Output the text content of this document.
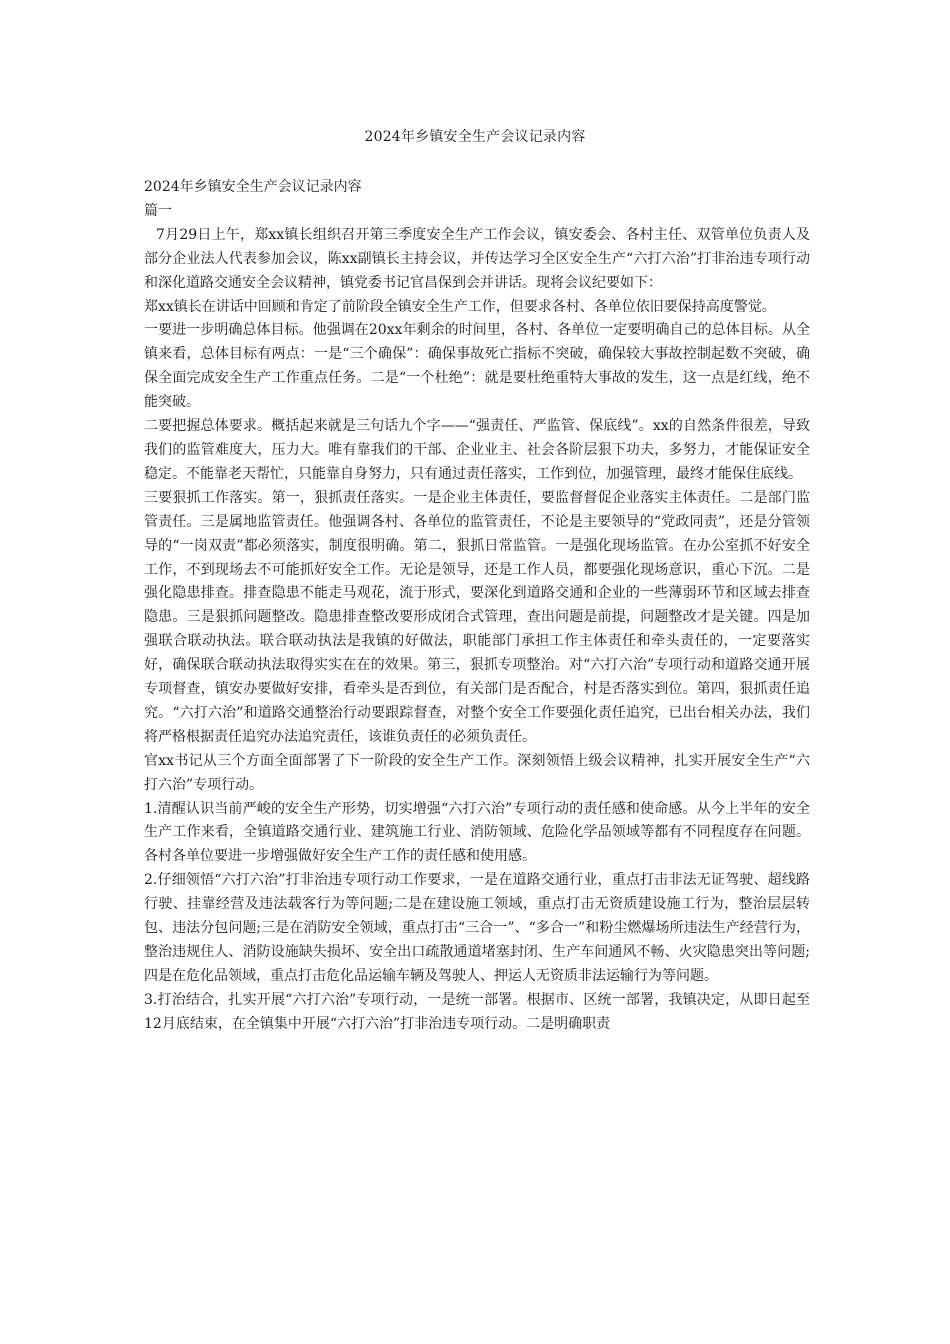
2024年乡镇安全生产会议记录内容

2024年乡镇安全生产会议记录内容

篇一

7月29日上午，郑xx镇长组织召开第三季度安全生产工作会议，镇安委会、各村主任、双管单位负责人及部分企业法人代表参加会议，陈xx副镇长主持会议，并传达学习全区安全生产“六打六治”打非治违专项行动和深化道路交通安全会议精神，镇党委书记官昌保到会并讲话。现将会议纪要如下：

郑xx镇长在讲话中回顾和肯定了前阶段全镇安全生产工作，但要求各村、各单位依旧要保持高度警觉。

一要进一步明确总体目标。他强调在20xx年剩余的时间里，各村、各单位一定要明确自己的总体目标。从全镇来看，总体目标有两点：一是“三个确保”：确保事故死亡指标不突破，确保较大事故控制起数不突破，确保全面完成安全生产工作重点任务。二是“一个杜绝”：就是要杜绝重特大事故的发生，这一点是红线，绝不能突破。

二要把握总体要求。概括起来就是三句话九个字——“强责任、严监管、保底线”。xx的自然条件很差，导致我们的监管难度大，压力大。唯有靠我们的干部、企业业主、社会各阶层狠下功夫，多努力，才能保证安全稳定。不能靠老天帮忙，只能靠自身努力，只有通过责任落实，工作到位，加强管理，最终才能保住底线。

三要狠抓工作落实。第一，狠抓责任落实。一是企业主体责任，要监督督促企业落实主体责任。二是部门监管责任。三是属地监管责任。他强调各村、各单位的监管责任，不论是主要领导的“党政同责”，还是分管领导的“一岗双责”都必须落实，制度很明确。第二，狠抓日常监管。一是强化现场监管。在办公室抓不好安全工作，不到现场去不可能抓好安全工作。无论是领导，还是工作人员，都要强化现场意识，重心下沉。二是强化隐患排查。排查隐患不能走马观花，流于形式，要深化到道路交通和企业的一些薄弱环节和区域去排查隐患。三是狠抓问题整改。隐患排查整改要形成闭合式管理，查出问题是前提，问题整改才是关键。四是加强联合联动执法。联合联动执法是我镇的好做法，职能部门承担工作主体责任和牵头责任的，一定要落实好，确保联合联动执法取得实实在在的效果。第三，狠抓专项整治。对“六打六治”专项行动和道路交通开展专项督查，镇安办要做好安排，看牵头是否到位，有关部门是否配合，村是否落实到位。第四，狠抓责任追究。“六打六治”和道路交通整治行动要跟踪督查，对整个安全工作要强化责任追究，已出台相关办法，我们将严格根据责任追究办法追究责任，该谁负责任的必须负责任。

官xx书记从三个方面全面部署了下一阶段的安全生产工作。深刻领悟上级会议精神，扎实开展安全生产“六打六治”专项行动。

1.清醒认识当前严峻的安全生产形势，切实增强“六打六治”专项行动的责任感和使命感。从今上半年的安全生产工作来看，全镇道路交通行业、建筑施工行业、消防领域、危险化学品领域等都有不同程度存在问题。各村各单位要进一步增强做好安全生产工作的责任感和使用感。

2.仔细领悟“六打六治”打非治违专项行动工作要求，一是在道路交通行业，重点打击非法无证驾驶、超线路行驶、挂靠经营及违法载客行为等问题;二是在建设施工领域，重点打击无资质建设施工行为，整治层层转包、违法分包问题;三是在消防安全领域，重点打击“三合一”、“多合一”和粉尘燃爆场所违法生产经营行为，整治违规住人、消防设施缺失损坏、安全出口疏散通道堵塞封闭、生产车间通风不畅、火灾隐患突出等问题;四是在危化品领域，重点打击危化品运输车辆及驾驶人、押运人无资质非法运输行为等问题。

3.打治结合，扎实开展“六打六治”专项行动，一是统一部署。根据市、区统一部署，我镇决定，从即日起至12月底结束，在全镇集中开展“六打六治”打非治违专项行动。二是明确职责
